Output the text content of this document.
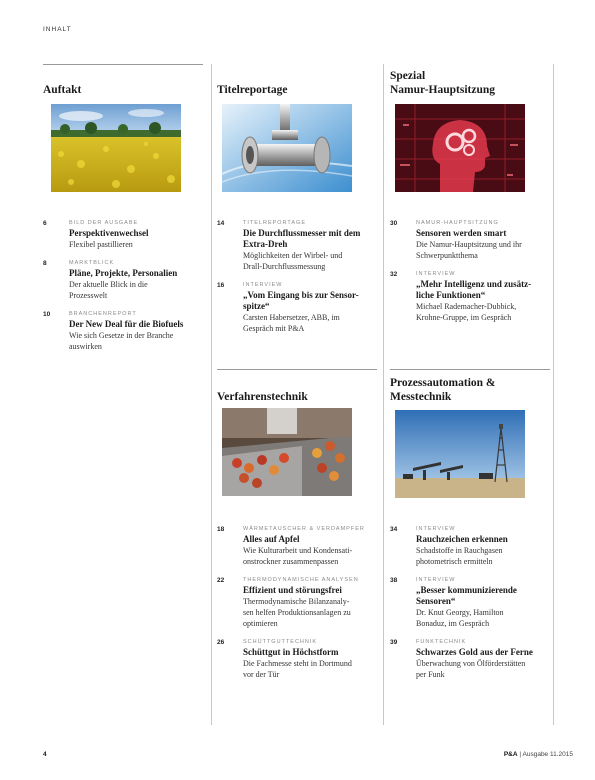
INHALT
Auftakt
6	BILD DER AUSGABE
Perspektivenwechsel
Flexibel pastillieren
8	MARKTBLICK
Pläne, Projekte, Personalien
Der aktuelle Blick in die
Prozesswelt
10	BRANCHENREPORT
Der New Deal für die Biofuels
Wie sich Gesetze in der Branche
auswirken
Titelreportage
14	TITELREPORTAGE
Die Durchflussmesser mit dem
Extra-Dreh
Möglichkeiten der Wirbel- und
Drall-Durchflussmessung
16	INTERVIEW
„Vom Eingang bis zur Sensor-
spitze“
Carsten Habersetzer, ABB, im
Gespräch mit P&A
Verfahrenstechnik
18	WÄRMETAUSCHER & VERDAMPFER
Alles auf Apfel
Wie Kulturarbeit und Kondensati-
onstrockner zusammenpassen
22	THERMODYNAMISCHE ANALYSEN
Effizient und störungsfrei
Thermodynamische Bilanzanaly-
sen helfen Produktionsanlagen zu
optimieren
26	SCHÜTTGUTTECHNIK
Schüttgut in Höchstform
Die Fachmesse steht in Dortmund
vor der Tür
Spezial
Namur-Hauptsitzung
30	NAMUR-HAUPTSITZUNG
Sensoren werden smart
Die Namur-Hauptsitzung und ihr
Schwerpunktthema
32	INTERVIEW
„Mehr Intelligenz und zusätz-
liche Funktionen“
Michael Rademacher-Dubbick,
Krohne-Gruppe, im Gespräch
Prozessautomation &
Messtechnik
34	INTERVIEW
Rauchzeichen erkennen
Schadstoffe in Rauchgasen
photometrisch ermitteln
38	INTERVIEW
„Besser kommunizierende
Sensoren“
Dr. Knut Georgy, Hamilton
Bonaduz, im Gespräch
39	FUNKTECHNIK
Schwarzes Gold aus der Ferne
Überwachung von Ölförderstätten
per Funk
4	P&A | Ausgabe 11.2015
